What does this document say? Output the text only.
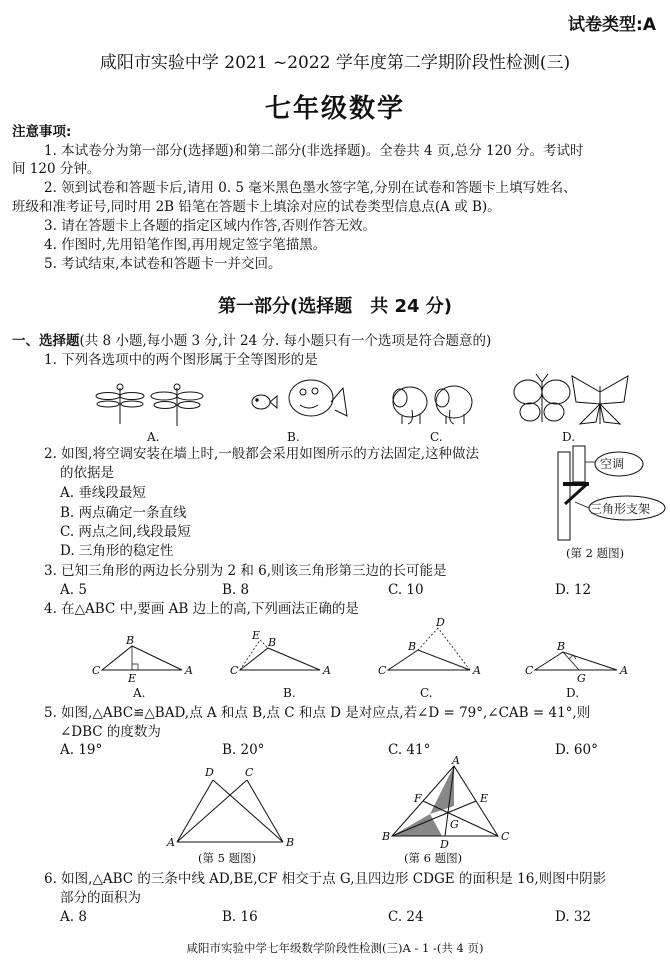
试卷类型:A
咸阳市实验中学 2021 ~2022 学年度第二学期阶段性检测(三)
七年级数学
注意事项:
1. 本试卷分为第一部分(选择题)和第二部分(非选择题)。全卷共 4 页,总分 120 分。考试时
间 120 分钟。
2. 领到试卷和答题卡后,请用 0. 5 毫米黑色墨水签字笔,分别在试卷和答题卡上填写姓名、
班级和准考证号,同时用 2B 铅笔在答题卡上填涂对应的试卷类型信息点(A 或 B)。
3. 请在答题卡上各题的指定区域内作答,否则作答无效。
4. 作图时,先用铅笔作图,再用规定签字笔描黑。
5. 考试结束,本试卷和答题卡一并交回。
第一部分(选择题　共 24 分)
一、选择题(共 8 小题,每小题 3 分,计 24 分. 每小题只有一个选项是符合题意的)
1. 下列各选项中的两个图形属于全等图形的是
A.	B.	C.	D.
2. 如图,将空调安装在墙上时,一般都会采用如图所示的方法固定,这种做法
的依据是
A. 垂线段最短
B. 两点确定一条直线
C. 两点之间,线段最短
D. 三角形的稳定性
空调
三角形支架
(第 2 题图)
3. 已知三角形的两边长分别为 2 和 6,则该三角形第三边的长可能是
A. 5	B. 8	C. 10	D. 12
4. 在△ABC 中,要画 AB 边上的高,下列画法正确的是
B
C	A
E
A.
E
B
C	A
B.
D
B
C	A
C.
B
C	A
G
D.
5. 如图,△ABC≌△BAD,点 A 和点 B,点 C 和点 D 是对应点,若∠D = 79°,∠CAB = 41°,则
∠DBC 的度数为
A. 19°	B. 20°	C. 41°	D. 60°
D	C
A	B
(第 5 题图)
A
F	E
G
B
D
C
(第 6 题图)
6. 如图,△ABC 的三条中线 AD,BE,CF 相交于点 G,且四边形 CDGE 的面积是 16,则图中阴影
部分的面积为
A. 8	B. 16	C. 24	D. 32
咸阳市实验中学七年级数学阶段性检测(三)A - 1 -(共 4 页)
